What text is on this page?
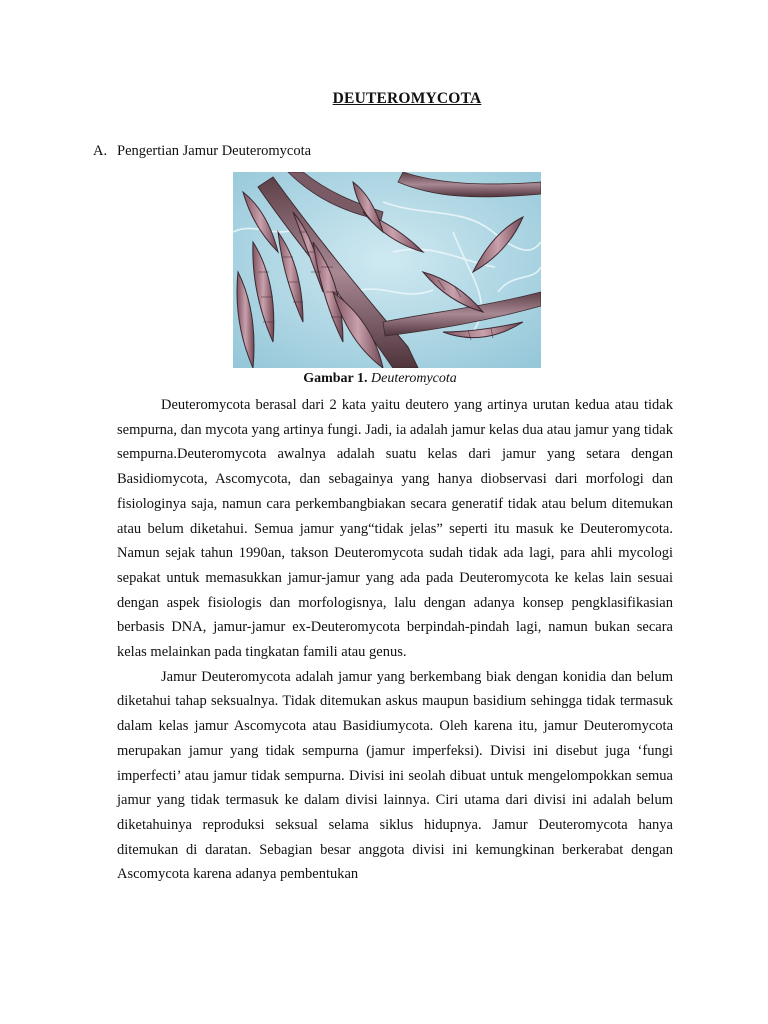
DEUTEROMYCOTA
A. Pengertian Jamur Deuteromycota
Gambar 1. Deuteromycota

Deuteromycota berasal dari 2 kata yaitu deutero yang artinya urutan kedua atau tidak sempurna, dan mycota yang artinya fungi. Jadi, ia adalah jamur kelas dua atau jamur yang tidak sempurna.Deuteromycota awalnya adalah suatu kelas dari jamur yang setara dengan Basidiomycota, Ascomycota, dan sebagainya yang hanya diobservasi dari morfologi dan fisiologinya saja, namun cara perkembangbiakan secara generatif tidak atau belum ditemukan atau belum diketahui. Semua jamur yang“tidak jelas” seperti itu masuk ke Deuteromycota. Namun sejak tahun 1990an, takson Deuteromycota sudah tidak ada lagi, para ahli mycologi sepakat untuk memasukkan jamur-jamur yang ada pada Deuteromycota ke kelas lain sesuai dengan aspek fisiologis dan morfologisnya, lalu dengan adanya konsep pengklasifikasian berbasis DNA, jamur-jamur ex-Deuteromycota berpindah-pindah lagi, namun bukan secara kelas melainkan pada tingkatan famili atau genus.

Jamur Deuteromycota adalah jamur yang berkembang biak dengan konidia dan belum diketahui tahap seksualnya. Tidak ditemukan askus maupun basidium sehingga tidak termasuk dalam kelas jamur Ascomycota atau Basidiumycota. Oleh karena itu, jamur Deuteromycota merupakan jamur yang tidak sempurna (jamur imperfeksi). Divisi ini disebut juga ‘fungi imperfecti’ atau jamur tidak sempurna. Divisi ini seolah dibuat untuk mengelompokkan semua jamur yang tidak termasuk ke dalam divisi lainnya. Ciri utama dari divisi ini adalah belum diketahuinya reproduksi seksual selama siklus hidupnya. Jamur Deuteromycota hanya ditemukan di daratan. Sebagian besar anggota divisi ini kemungkinan berkerabat dengan Ascomycota karena adanya pembentukan
